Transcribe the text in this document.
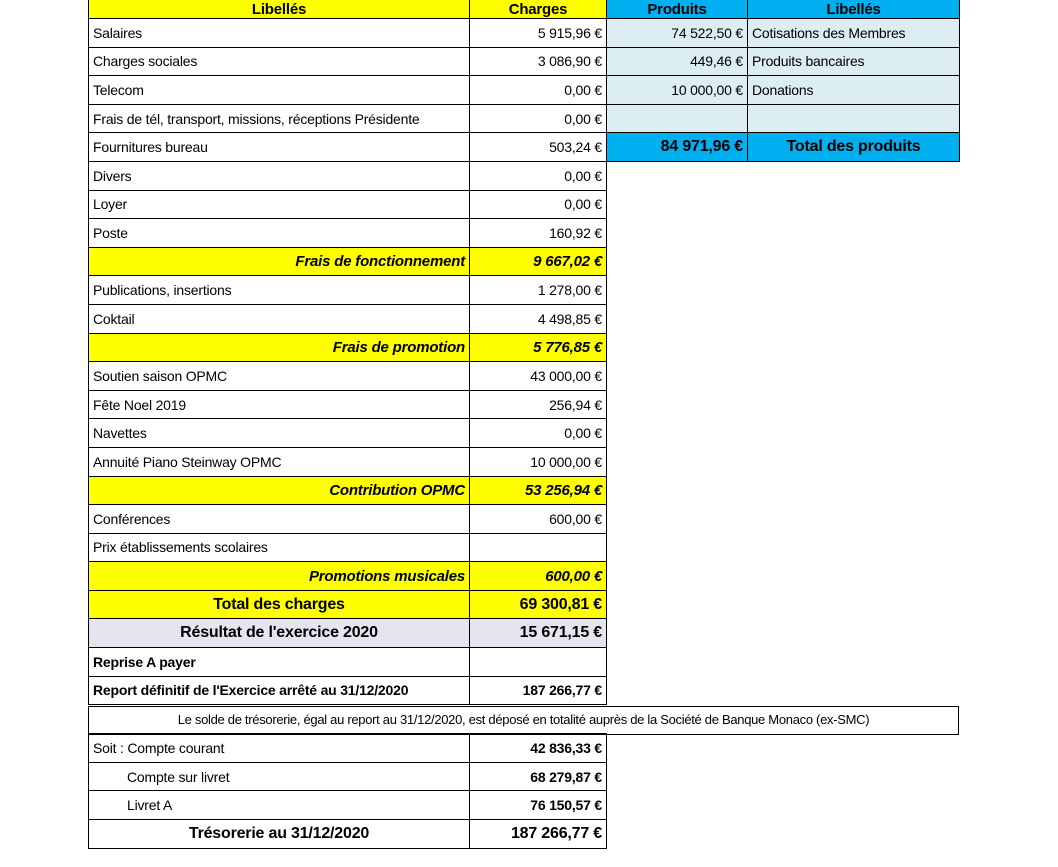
Libellés	Charges
Salaires	5 915,96 €
Charges sociales	3 086,90 €
Telecom	0,00 €
Frais de tél, transport, missions, réceptions Présidente	0,00 €
Fournitures bureau	503,24 €
Divers	0,00 €
Loyer	0,00 €
Poste	160,92 €
Frais de fonctionnement	9 667,02 €
Publications, insertions	1 278,00 €
Coktail	4 498,85 €
Frais de promotion	5 776,85 €
Soutien saison OPMC	43 000,00 €
Fête Noel 2019	256,94 €
Navettes	0,00 €
Annuité Piano Steinway OPMC	10 000,00 €
Contribution OPMC	53 256,94 €
Conférences	600,00 €
Prix établissements scolaires	
Promotions musicales	600,00 €
Total des charges	69 300,81 €
Résultat de l'exercice 2020	15 671,15 €
Reprise A payer	
Report définitif de l'Exercice arrêté au 31/12/2020	187 266,77 €

Soit : Compte courant	42 836,33 €
Compte sur livret	68 279,87 €
Livret A	76 150,57 €
Trésorerie au 31/12/2020	187 266,77 €
Produits	Libellés
74 522,50 €	Cotisations des Membres
449,46 €	Produits bancaires
10 000,00 €	Donations

84 971,96 €	Total des produits
Le solde de trésorerie, égal au report au 31/12/2020, est déposé en totalité auprès de la Société de Banque Monaco (ex-SMC)
